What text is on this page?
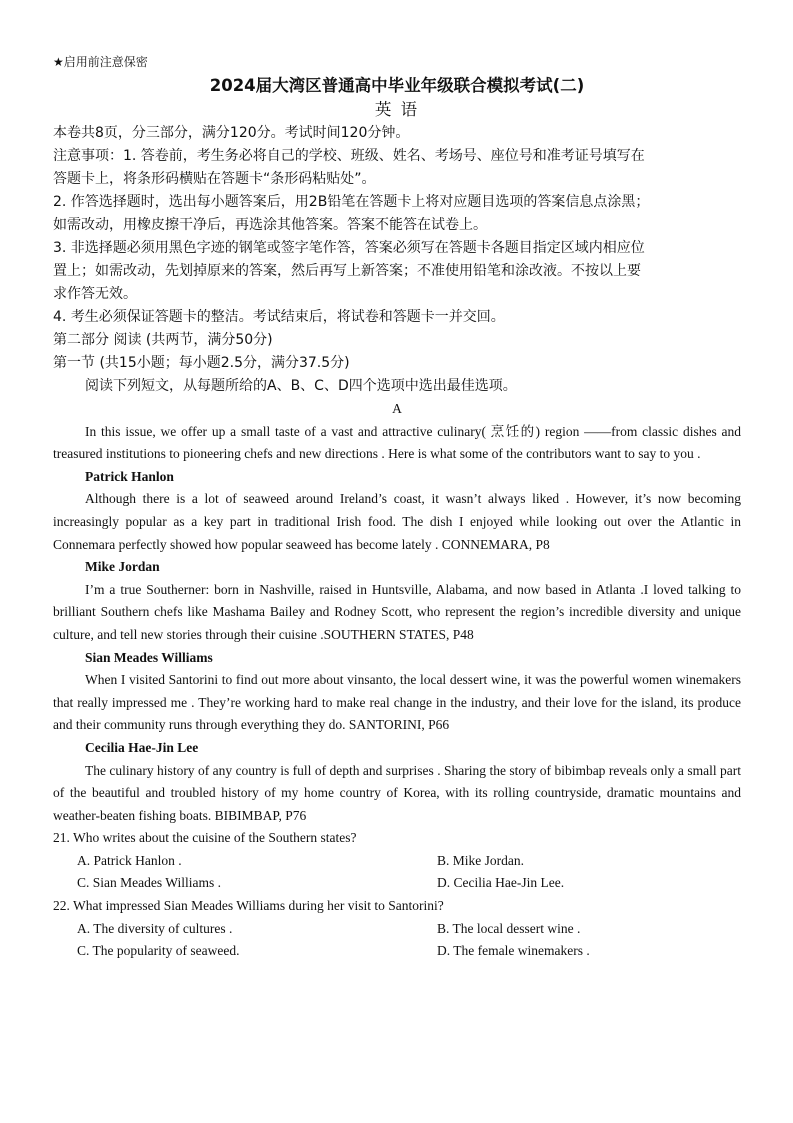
★启用前注意保密
2024届大湾区普通高中毕业年级联合模拟考试(二)
英 语
本卷共8页，分三部分，满分120分。考试时间120分钟。
注意事项：1. 答卷前，考生务必将自己的学校、班级、姓名、考场号、座位号和准考证号填写在
答题卡上，将条形码横贴在答题卡“条形码粘贴处”。
2. 作答选择题时，选出每小题答案后，用2B铅笔在答题卡上将对应题目选项的答案信息点涂黑；
如需改动，用橡皮擦干净后，再选涂其他答案。答案不能答在试卷上。
3. 非选择题必须用黑色字迹的钢笔或签字笔作答，答案必须写在答题卡各题目指定区域内相应位
置上；如需改动，先划掉原来的答案，然后再写上新答案；不准使用铅笔和涂改液。不按以上要
求作答无效。
4. 考生必须保证答题卡的整洁。考试结束后，将试卷和答题卡一并交回。
第二部分 阅读 (共两节，满分50分)
第一节 (共15小题；每小题2.5分，满分37.5分)
阅读下列短文，从每题所给的A、B、C、D四个选项中选出最佳选项。
A
In this issue, we offer up a small taste of a vast and attractive culinary( 烹饪的) region ——from classic dishes and treasured institutions to pioneering chefs and new directions . Here is what some of the contributors want to say to you .
Patrick Hanlon
Although there is a lot of seaweed around Ireland’s coast, it wasn’t always liked . However, it’s now becoming increasingly popular as a key part in traditional Irish food. The dish I enjoyed while looking out over the Atlantic in Connemara perfectly showed how popular seaweed has become lately . CONNEMARA, P8
Mike Jordan
I’m a true Southerner: born in Nashville, raised in Huntsville, Alabama, and now based in Atlanta .I loved talking to brilliant Southern chefs like Mashama Bailey and Rodney Scott, who represent the region’s incredible diversity and unique culture, and tell new stories through their cuisine .SOUTHERN STATES, P48
Sian Meades Williams
When I visited Santorini to find out more about vinsanto, the local dessert wine, it was the powerful women winemakers that really impressed me . They’re working hard to make real change in the industry, and their love for the island, its produce and their community runs through everything they do. SANTORINI, P66
Cecilia Hae-Jin Lee
The culinary history of any country is full of depth and surprises . Sharing the story of bibimbap reveals only a small part of the beautiful and troubled history of my home country of Korea, with its rolling countryside, dramatic mountains and weather-beaten fishing boats. BIBIMBAP, P76
21. Who writes about the cuisine of the Southern states?
A. Patrick Hanlon .	B. Mike Jordan.
C. Sian Meades Williams .	D. Cecilia Hae-Jin Lee.
22. What impressed Sian Meades Williams during her visit to Santorini?
A. The diversity of cultures .	B. The local dessert wine .
C. The popularity of seaweed.	D. The female winemakers .
